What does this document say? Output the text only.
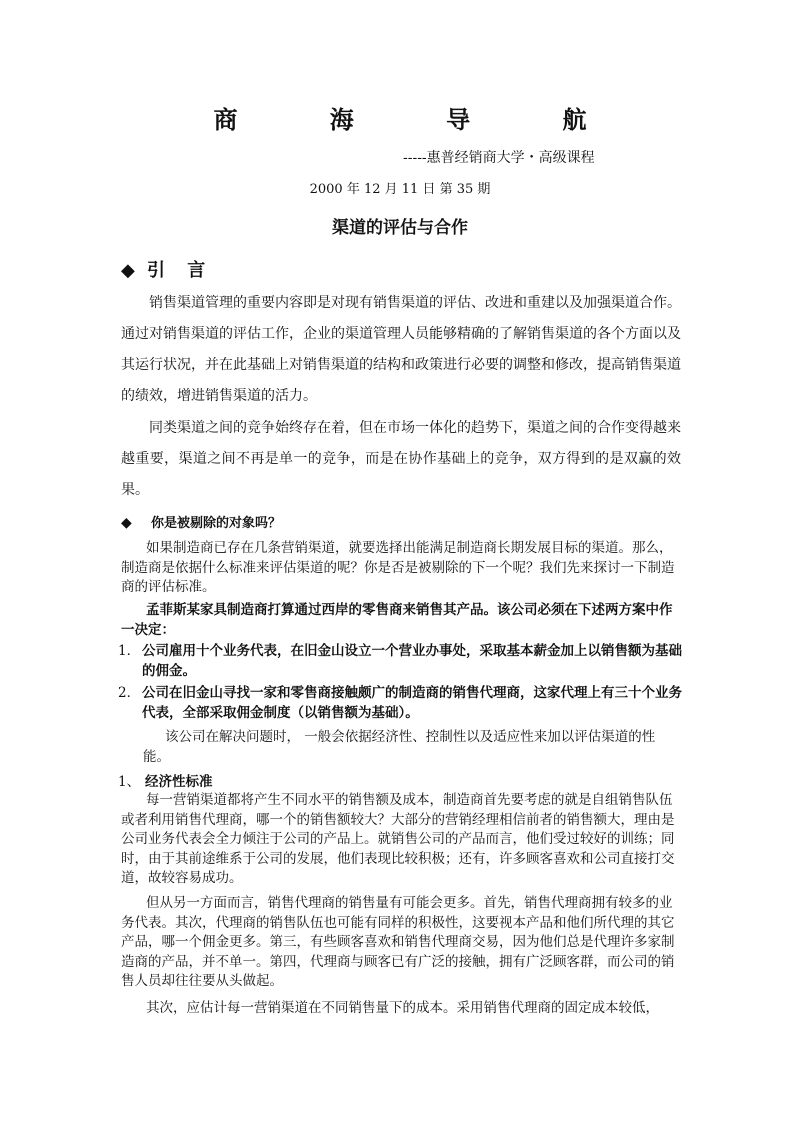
商 海 导 航
-----惠普经销商大学・高级课程
2000 年 12 月 11 日 第 35 期
渠道的评估与合作
◆ 引 言
销售渠道管理的重要内容即是对现有销售渠道的评估、改进和重建以及加强渠道合作。通过对销售渠道的评估工作，企业的渠道管理人员能够精确的了解销售渠道的各个方面以及其运行状况，并在此基础上对销售渠道的结构和政策进行必要的调整和修改，提高销售渠道的绩效，增进销售渠道的活力。
同类渠道之间的竞争始终存在着，但在市场一体化的趋势下，渠道之间的合作变得越来越重要，渠道之间不再是单一的竞争，而是在协作基础上的竞争，双方得到的是双赢的效果。
◆ 你是被剔除的对象吗？
如果制造商已存在几条营销渠道，就要选择出能满足制造商长期发展目标的渠道。那么，制造商是依据什么标准来评估渠道的呢？你是否是被剔除的下一个呢？我们先来探讨一下制造商的评估标准。
孟菲斯某家具制造商打算通过西岸的零售商来销售其产品。该公司必须在下述两方案中作一决定：
1． 公司雇用十个业务代表，在旧金山设立一个营业办事处，采取基本薪金加上以销售额为基础的佣金。
2． 公司在旧金山寻找一家和零售商接触颇广的制造商的销售代理商，这家代理上有三十个业务代表，全部采取佣金制度（以销售额为基础）。
该公司在解决问题时， 一般会依据经济性、控制性以及适应性来加以评估渠道的性能。
1、 经济性标准
每一营销渠道都将产生不同水平的销售额及成本，制造商首先要考虑的就是自组销售队伍或者利用销售代理商，哪一个的销售额较大？大部分的营销经理相信前者的销售额大，理由是公司业务代表会全力倾注于公司的产品上。就销售公司的产品而言，他们受过较好的训练；同时，由于其前途维系于公司的发展，他们表现比较积极；还有，许多顾客喜欢和公司直接打交道，故较容易成功。
但从另一方面而言，销售代理商的销售量有可能会更多。首先，销售代理商拥有较多的业务代表。其次，代理商的销售队伍也可能有同样的积极性，这要视本产品和他们所代理的其它产品，哪一个佣金更多。第三，有些顾客喜欢和销售代理商交易，因为他们总是代理许多家制造商的产品，并不单一。第四，代理商与顾客已有广泛的接触，拥有广泛顾客群，而公司的销售人员却往往要从头做起。
其次，应估计每一营销渠道在不同销售量下的成本。采用销售代理商的固定成本较低，
